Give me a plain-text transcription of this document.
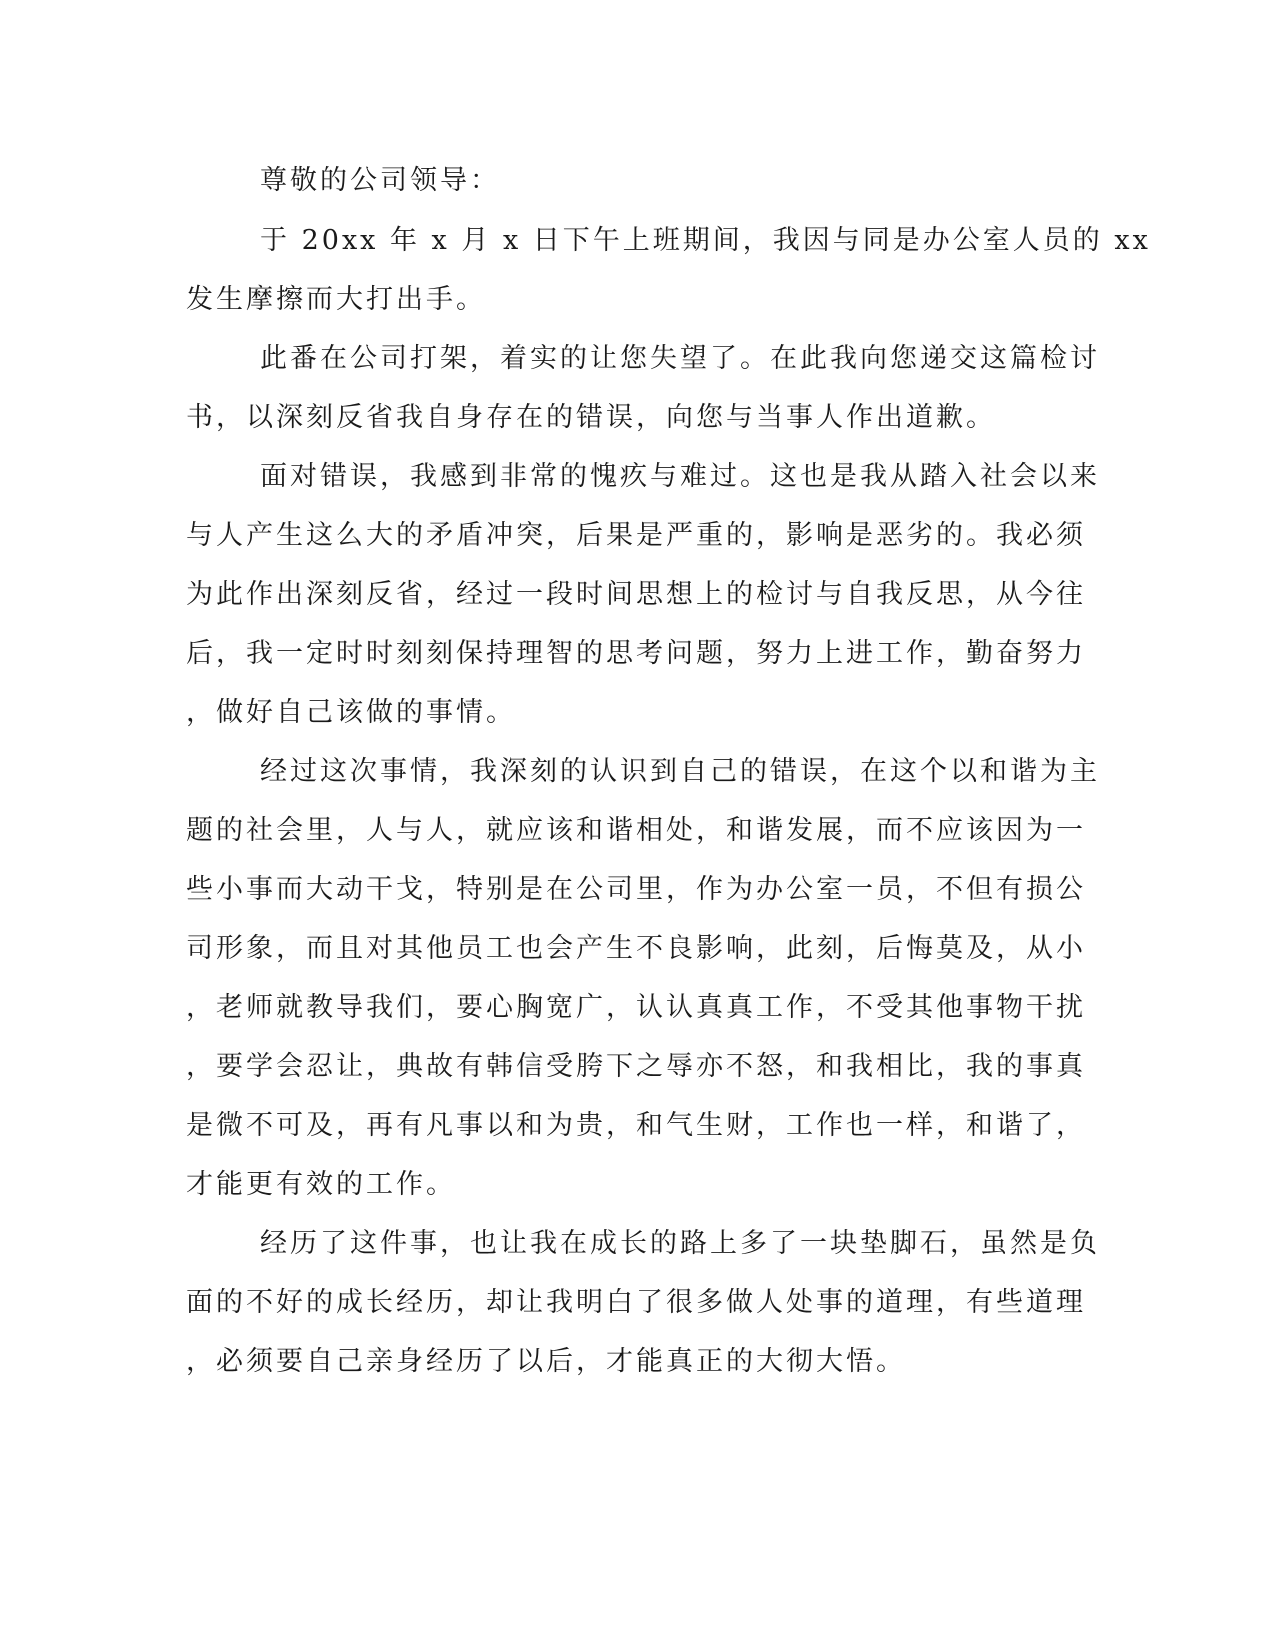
尊敬的公司领导：
于 20xx 年 x 月 x 日下午上班期间，我因与同是办公室人员的 xx
发生摩擦而大打出手。
此番在公司打架，着实的让您失望了。在此我向您递交这篇检讨
书，以深刻反省我自身存在的错误，向您与当事人作出道歉。
面对错误，我感到非常的愧疚与难过。这也是我从踏入社会以来
与人产生这么大的矛盾冲突，后果是严重的，影响是恶劣的。我必须
为此作出深刻反省，经过一段时间思想上的检讨与自我反思，从今往
后，我一定时时刻刻保持理智的思考问题，努力上进工作，勤奋努力
，做好自己该做的事情。
经过这次事情，我深刻的认识到自己的错误，在这个以和谐为主
题的社会里，人与人，就应该和谐相处，和谐发展，而不应该因为一
些小事而大动干戈，特别是在公司里，作为办公室一员，不但有损公
司形象，而且对其他员工也会产生不良影响，此刻，后悔莫及，从小
，老师就教导我们，要心胸宽广，认认真真工作，不受其他事物干扰
，要学会忍让，典故有韩信受胯下之辱亦不怒，和我相比，我的事真
是微不可及，再有凡事以和为贵，和气生财，工作也一样，和谐了，
才能更有效的工作。
经历了这件事，也让我在成长的路上多了一块垫脚石，虽然是负
面的不好的成长经历，却让我明白了很多做人处事的道理，有些道理
，必须要自己亲身经历了以后，才能真正的大彻大悟。
